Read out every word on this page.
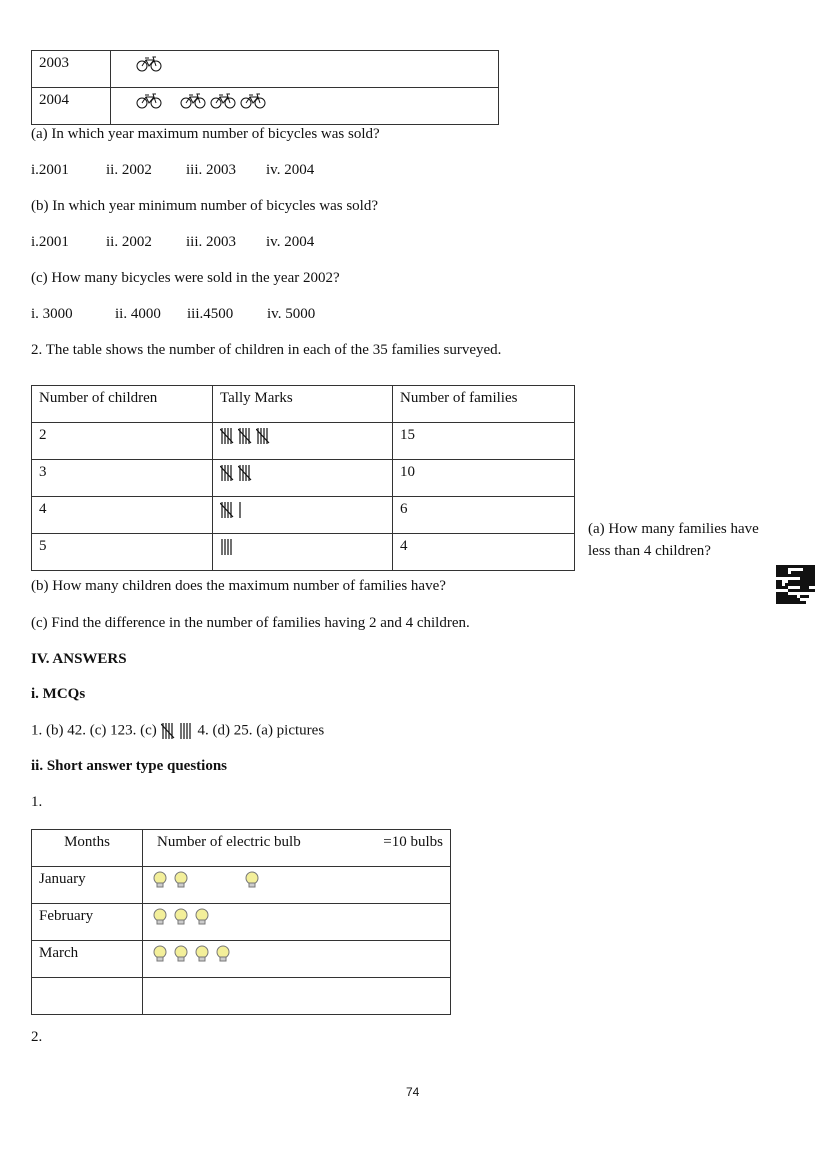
2003	
2004	
(a) In which year maximum number of bicycles was sold?
i.2001 ii. 2002 iii. 2003 iv. 2004
(b) In which year minimum number of bicycles was sold?
i.2001 ii. 2002 iii. 2003 iv. 2004
(c) How many bicycles were sold in the year 2002?
i. 3000	ii. 4000 iii.4500 iv. 5000
2. The table shows the number of children in each of the 35 families surveyed.
Number of children	Tally Marks	Number of families
2		15
3		10
4		6
5		4
(a) How many families have
less than 4 children?
(b) How many children does the maximum number of families have?
(c) Find the difference in the number of families having 2 and 4 children.
IV. ANSWERS
i. MCQs
1. (b) 42. (c) 123. (c)	4. (d) 25. (a) pictures
ii. Short answer type questions
1.
Months	Number of electric bulb =10 bulbs

January	
February	
March	

2.
74
